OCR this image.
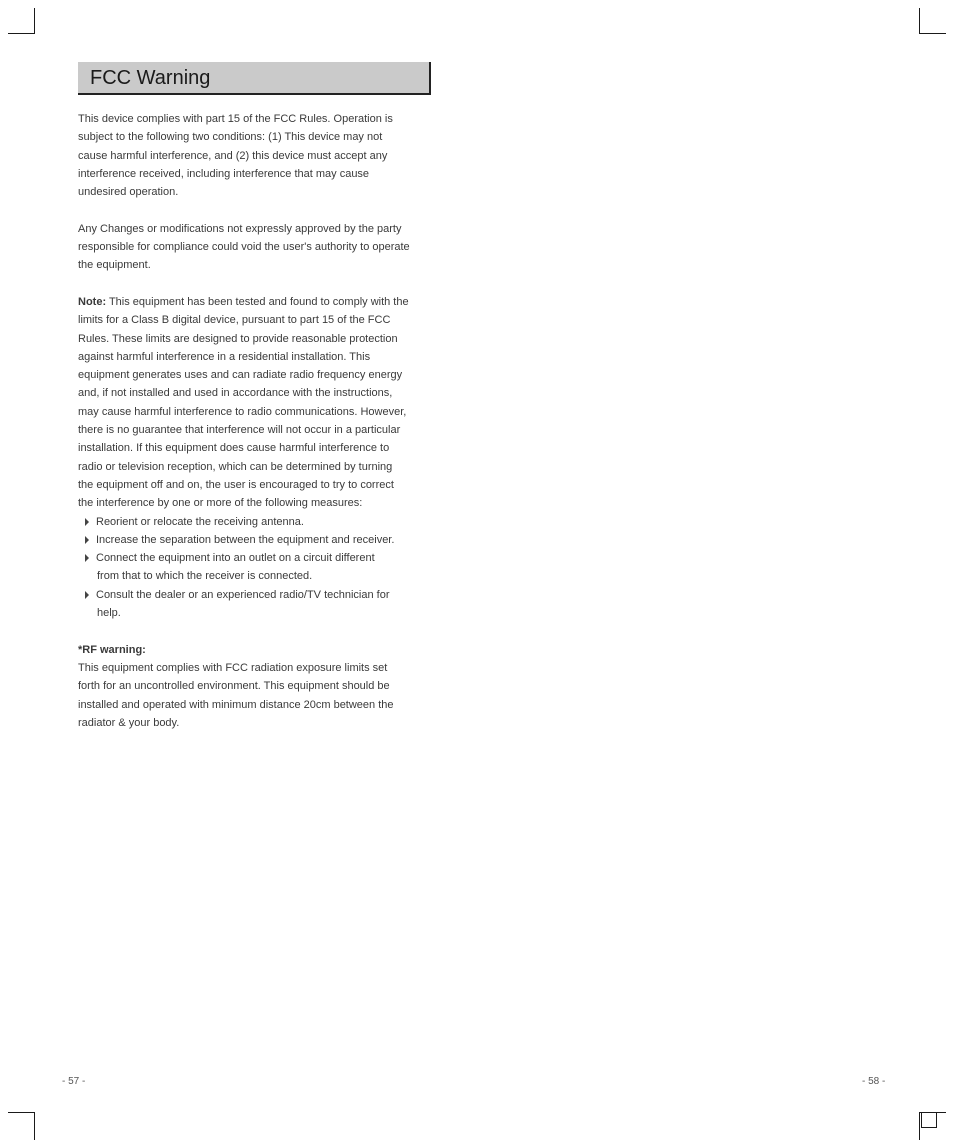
FCC Warning
This device complies with part 15 of the FCC Rules. Operation is
subject to the following two conditions: (1) This device may not
cause harmful interference, and (2) this device must accept any
interference received, including interference that may cause
undesired operation.
Any Changes or modifications not expressly approved by the party
responsible for compliance could void the user's authority to operate
the equipment.
Note: This equipment has been tested and found to comply with the
limits for a Class B digital device, pursuant to part 15 of the FCC
Rules. These limits are designed to provide reasonable protection
against harmful interference in a residential installation. This
equipment generates uses and can radiate radio frequency energy
and, if not installed and used in accordance with the instructions,
may cause harmful interference to radio communications. However,
there is no guarantee that interference will not occur in a particular
installation. If this equipment does cause harmful interference to
radio or television reception, which can be determined by turning
the equipment off and on, the user is encouraged to try to correct
the interference by one or more of the following measures:
Reorient or relocate the receiving antenna.
Increase the separation between the equipment and receiver.
Connect the equipment into an outlet on a circuit different
from that to which the receiver is connected.
Consult the dealer or an experienced radio/TV technician for
help.
*RF warning:
This equipment complies with FCC radiation exposure limits set
forth for an uncontrolled environment. This equipment should be
installed and operated with minimum distance 20cm between the
radiator & your body.
- 57 -	- 58 -
